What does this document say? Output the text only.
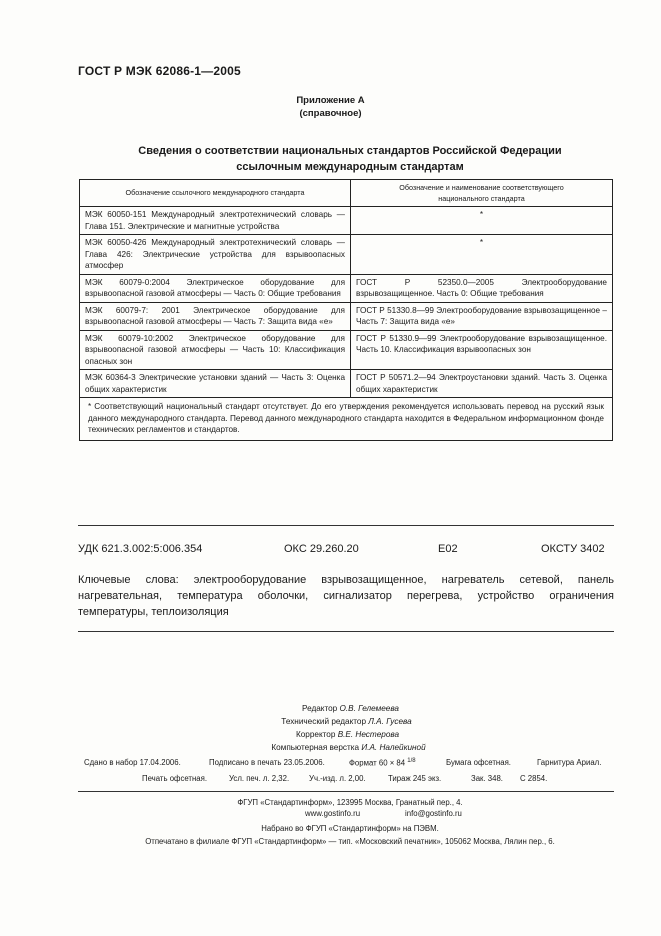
ГОСТ Р МЭК 62086-1—2005
Приложение А
(справочное)
Сведения о соответствии национальных стандартов Российской Федерации
ссылочным международным стандартам
Обозначение ссылочного международного стандарта	Обозначение и наименование соответствующего
национального стандарта

МЭК 60050-151 Международный электротехнический словарь — Глава 151. Электрические и магнитные устройства	*
МЭК 60050-426 Международный электротехнический словарь — Глава 426: Электрические устройства для взрывоопасных атмосфер	*
МЭК 60079-0:2004 Электрическое оборудование для взрывоопасной газовой атмосферы — Часть 0: Общие требования	ГОСТ Р 52350.0—2005 Электрооборудование взрывозащищенное. Часть 0: Общие требования
МЭК 60079-7: 2001 Электрическое оборудование для взрывоопасной газовой атмосферы — Часть 7: Защита вида «е»	ГОСТ Р 51330.8—99 Электрооборудование взрывозащищенное – Часть 7: Защита вида «е»
МЭК 60079-10:2002 Электрическое оборудование для взрывоопасной газовой атмосферы — Часть 10: Классификация опасных зон	ГОСТ Р 51330.9—99 Электрооборудование взрывозащищенное. Часть 10. Классификация взрывоопасных зон
МЭК 60364-3 Электрические установки зданий — Часть 3: Оценка общих характеристик	ГОСТ Р 50571.2—94 Электроустановки зданий. Часть 3. Оценка общих характеристик
* Соответствующий национальный стандарт отсутствует. До его утверждения рекомендуется использовать перевод на русский язык данного международного стандарта. Перевод данного международного стандарта находится в Федеральном информационном фонде технических регламентов и стандартов.	
УДК 621.3.002:5:006.354	ОКС 29.260.20	Е02	ОКСТУ 3402
Ключевые слова: электрооборудование взрывозащищенное, нагреватель сетевой, панель нагревательная, температура оболочки, сигнализатор перегрева, устройство ограничения температуры, теплоизоляция
Редактор О.В. Гелемеева
Технический редактор Л.А. Гусева
Корректор В.Е. Нестерова
Компьютерная верстка И.А. Налейкиной
Сдано в набор 17.04.2006.	Подписано в печать 23.05.2006.	Формат 60 × 84 $^{1/8}$	Бумага офсетная.	Гарнитура Ариал.
Печать офсетная.	Усл. печ. л. 2,32.	Уч.-изд. л. 2,00.	Тираж 245 экз.	Зак. 348. С 2854.
ФГУП «Стандартинформ», 123995 Москва, Гранатный пер., 4.
www.gostinfo.ru	info@gostinfo.ru
Набрано во ФГУП «Стандартинформ» на ПЭВМ.
Отпечатано в филиале ФГУП «Стандартинформ» — тип. «Московский печатник», 105062 Москва, Лялин пер., 6.
